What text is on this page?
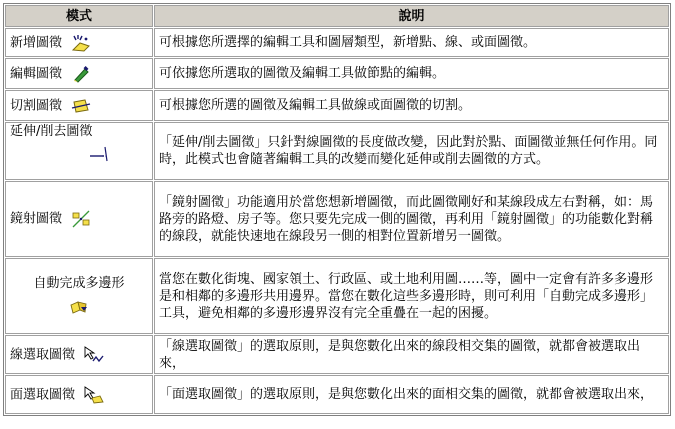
模式	說明
新增圖徵	可根據您所選擇的編輯工具和圖層類型，新增點、線、或面圖徵。
編輯圖徵	可依據您所選取的圖徵及編輯工具做節點的編輯。
切割圖徵	可根據您所選的圖徵及編輯工具做線或面圖徵的切割。
延伸/削去圖徵	「延伸/削去圖徵」只針對線圖徵的長度做改變，因此對於點、面圖徵並無任何作用。同時，此模式也會隨著編輯工具的改變而變化延伸或削去圖徵的方式。
鏡射圖徵	「鏡射圖徵」功能適用於當您想新增圖徵，而此圖徵剛好和某線段成左右對稱，如：馬路旁的路燈、房子等。您只要先完成一側的圖徵，再利用「鏡射圖徵」的功能數化對稱的線段，就能快速地在線段另一側的相對位置新增另一圖徵。
自動完成多邊形	當您在數化街塊、國家領土、行政區、或土地利用圖……等，圖中一定會有許多多邊形是和相鄰的多邊形共用邊界。當您在數化這些多邊形時，則可利用「自動完成多邊形」工具，避免相鄰的多邊形邊界沒有完全重疊在一起的困擾。
線選取圖徵	「線選取圖徵」的選取原則，是與您數化出來的線段相交集的圖徵，就都會被選取出來，
面選取圖徵	「面選取圖徵」的選取原則，是與您數化出來的面相交集的圖徵，就都會被選取出來，
